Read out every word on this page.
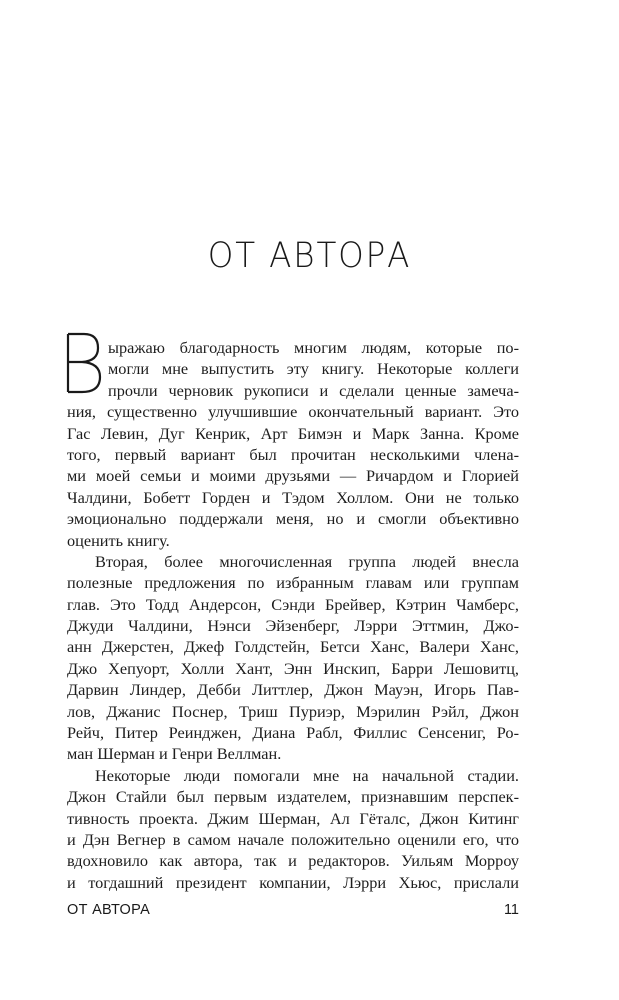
ОТ АВТОРА
ыражаю благодарность многим людям, которые по-
могли мне выпустить эту книгу. Некоторые коллеги
прочли черновик рукописи и сделали ценные замеча-
ния, существенно улучшившие окончательный вариант. Это
Гас Левин, Дуг Кенрик, Арт Бимэн и Марк Занна. Кроме
того, первый вариант был прочитан несколькими члена-
ми моей семьи и моими друзьями — Ричардом и Глорией
Чалдини, Бобетт Горден и Тэдом Холлом. Они не только
эмоционально поддержали меня, но и смогли объективно
оценить книгу.
Вторая, более многочисленная группа людей внесла
полезные предложения по избранным главам или группам
глав. Это Тодд Андерсон, Сэнди Брейвер, Кэтрин Чамберс,
Джуди Чалдини, Нэнси Эйзенберг, Лэрри Эттмин, Джо-
анн Джерстен, Джеф Голдстейн, Бетси Ханс, Валери Ханс,
Джо Хепуорт, Холли Хант, Энн Инскип, Барри Лешовитц,
Дарвин Линдер, Дебби Литтлер, Джон Мауэн, Игорь Пав-
лов, Джанис Поснер, Триш Пуриэр, Мэрилин Рэйл, Джон
Рейч, Питер Реинджен, Диана Рабл, Филлис Сенсениг, Ро-
ман Шерман и Генри Веллман.
Некоторые люди помогали мне на начальной стадии.
Джон Стайли был первым издателем, признавшим перспек-
тивность проекта. Джим Шерман, Ал Гёталс, Джон Китинг
и Дэн Вегнер в самом начале положительно оценили его, что
вдохновило как автора, так и редакторов. Уильям Морроу
и тогдашний президент компании, Лэрри Хьюс, прислали
ОТ АВТОРА	11
